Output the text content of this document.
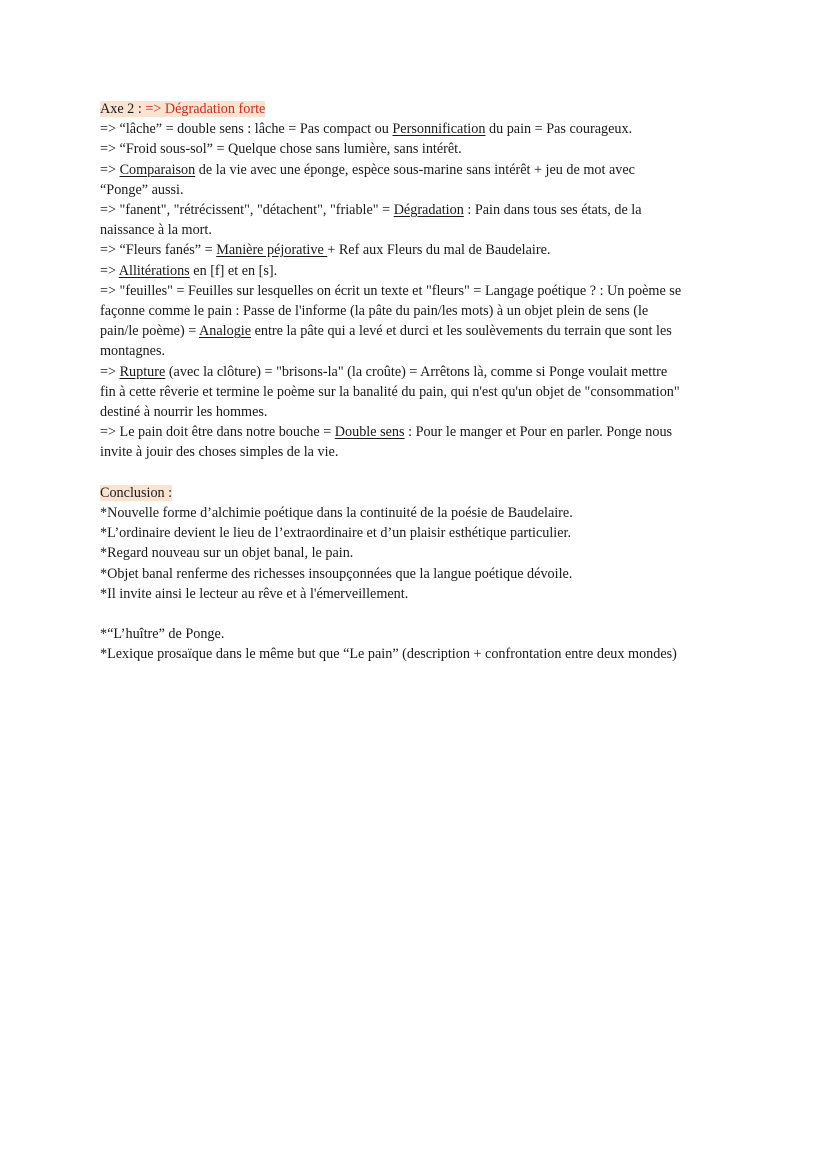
Axe 2 : => Dégradation forte
=> “lâche” = double sens : lâche = Pas compact ou Personnification du pain = Pas courageux.
=> “Froid sous-sol” = Quelque chose sans lumière, sans intérêt.
=> Comparaison de la vie avec une éponge, espèce sous-marine sans intérêt + jeu de mot avec
“Ponge” aussi.
=> "fanent", "rétrécissent", "détachent", "friable" = Dégradation : Pain dans tous ses états, de la
naissance à la mort.
=> “Fleurs fanés” = Manière péjorative + Ref aux Fleurs du mal de Baudelaire.
=> Allitérations en [f] et en [s].
=> "feuilles" = Feuilles sur lesquelles on écrit un texte et "fleurs" = Langage poétique ? : Un poème se
façonne comme le pain : Passe de l'informe (la pâte du pain/les mots) à un objet plein de sens (le
pain/le poème) = Analogie entre la pâte qui a levé et durci et les soulèvements du terrain que sont les
montagnes.
=> Rupture (avec la clôture) = "brisons-la" (la croûte) = Arrêtons là, comme si Ponge voulait mettre
fin à cette rêverie et termine le poème sur la banalité du pain, qui n'est qu'un objet de "consommation"
destiné à nourrir les hommes.
=> Le pain doit être dans notre bouche = Double sens : Pour le manger et Pour en parler. Ponge nous
invite à jouir des choses simples de la vie.
Conclusion :
*Nouvelle forme d’alchimie poétique dans la continuité de la poésie de Baudelaire.
*L’ordinaire devient le lieu de l’extraordinaire et d’un plaisir esthétique particulier.
*Regard nouveau sur un objet banal, le pain.
*Objet banal renferme des richesses insoupçonnées que la langue poétique dévoile.
*Il invite ainsi le lecteur au rêve et à l'émerveillement.
*“L’huître” de Ponge.
*Lexique prosaïque dans le même but que “Le pain” (description + confrontation entre deux mondes)
